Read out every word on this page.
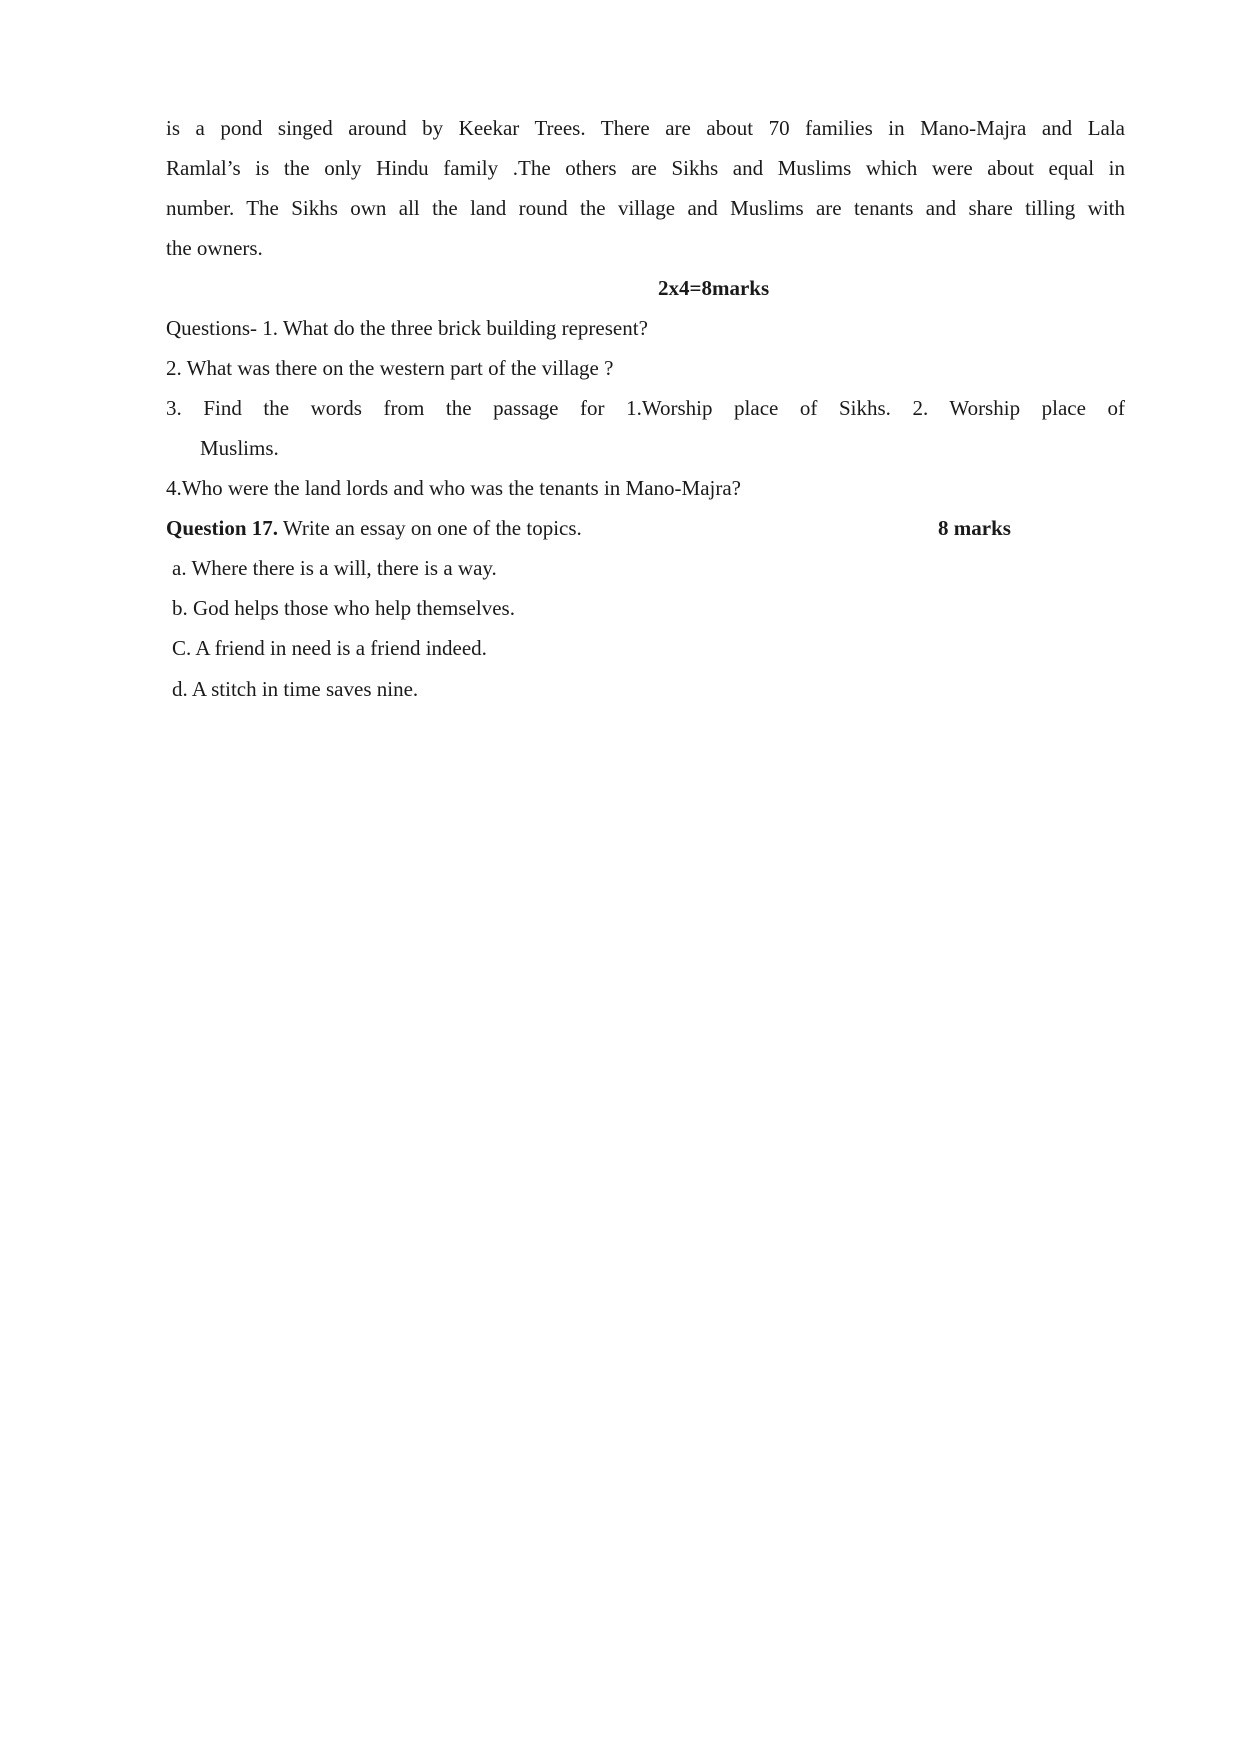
is a pond singed around by Keekar Trees. There are about 70 families in Mano-Majra and Lala
Ramlal’s is the only Hindu family .The others are Sikhs and Muslims which were about equal in
number. The Sikhs own all the land round the village and Muslims are tenants and share tilling with
the owners.
2x4=8marks
Questions- 1. What do the three brick building represent?
2. What was there on the western part of the village ?
3. Find the words from the passage for 1.Worship place of Sikhs. 2. Worship place of
Muslims.
4.Who were the land lords and who was the tenants in Mano-Majra?
Question 17. Write an essay on one of the topics.	8 marks
a. Where there is a will, there is a way.
b. God helps those who help themselves.
C. A friend in need is a friend indeed.
d. A stitch in time saves nine.
